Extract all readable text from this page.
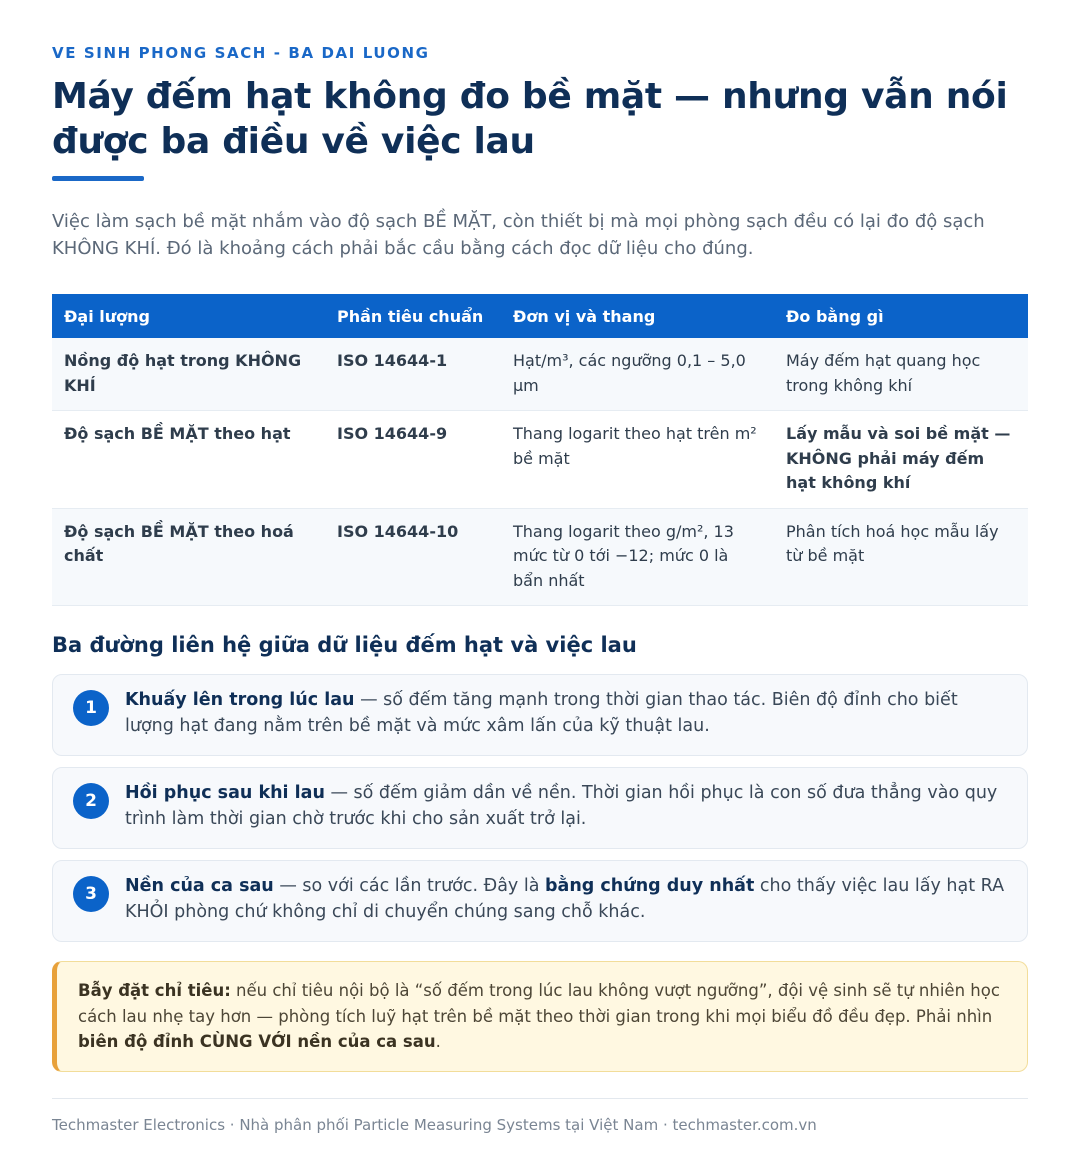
VE SINH PHONG SACH - BA DAI LUONG
Máy đếm hạt không đo bề mặt — nhưng vẫn nói được ba điều về việc lau

Việc làm sạch bề mặt nhắm vào độ sạch BỀ MẶT, còn thiết bị mà mọi phòng sạch đều có lại đo độ sạch KHÔNG KHÍ. Đó là khoảng cách phải bắc cầu bằng cách đọc dữ liệu cho đúng.

Đại lượng	Phần tiêu chuẩn	Đơn vị và thang	Đo bằng gì
Nồng độ hạt trong KHÔNG KHÍ	ISO 14644-1	Hạt/m³, các ngưỡng 0,1 – 5,0 µm	Máy đếm hạt quang học trong không khí
Độ sạch BỀ MẶT theo hạt	ISO 14644-9	Thang logarit theo hạt trên m² bề mặt	Lấy mẫu và soi bề mặt — KHÔNG phải máy đếm hạt không khí
Độ sạch BỀ MẶT theo hoá chất	ISO 14644-10	Thang logarit theo g/m², 13 mức từ 0 tới −12; mức 0 là bẩn nhất	Phân tích hoá học mẫu lấy từ bề mặt
Ba đường liên hệ giữa dữ liệu đếm hạt và việc lau
1	Khuấy lên trong lúc lau — số đếm tăng mạnh trong thời gian thao tác. Biên độ đỉnh cho biết lượng hạt đang nằm trên bề mặt và mức xâm lấn của kỹ thuật lau.

2	Hồi phục sau khi lau — số đếm giảm dần về nền. Thời gian hồi phục là con số đưa thẳng vào quy trình làm thời gian chờ trước khi cho sản xuất trở lại.

3	Nền của ca sau — so với các lần trước. Đây là bằng chứng duy nhất cho thấy việc lau lấy hạt RA KHỎI phòng chứ không chỉ di chuyển chúng sang chỗ khác.

Bẫy đặt chỉ tiêu: nếu chỉ tiêu nội bộ là “số đếm trong lúc lau không vượt ngưỡng”, đội vệ sinh sẽ tự nhiên học cách lau nhẹ tay hơn — phòng tích luỹ hạt trên bề mặt theo thời gian trong khi mọi biểu đồ đều đẹp. Phải nhìn biên độ đỉnh CÙNG VỚI nền của ca sau.

Techmaster Electronics · Nhà phân phối Particle Measuring Systems tại Việt Nam · techmaster.com.vn
